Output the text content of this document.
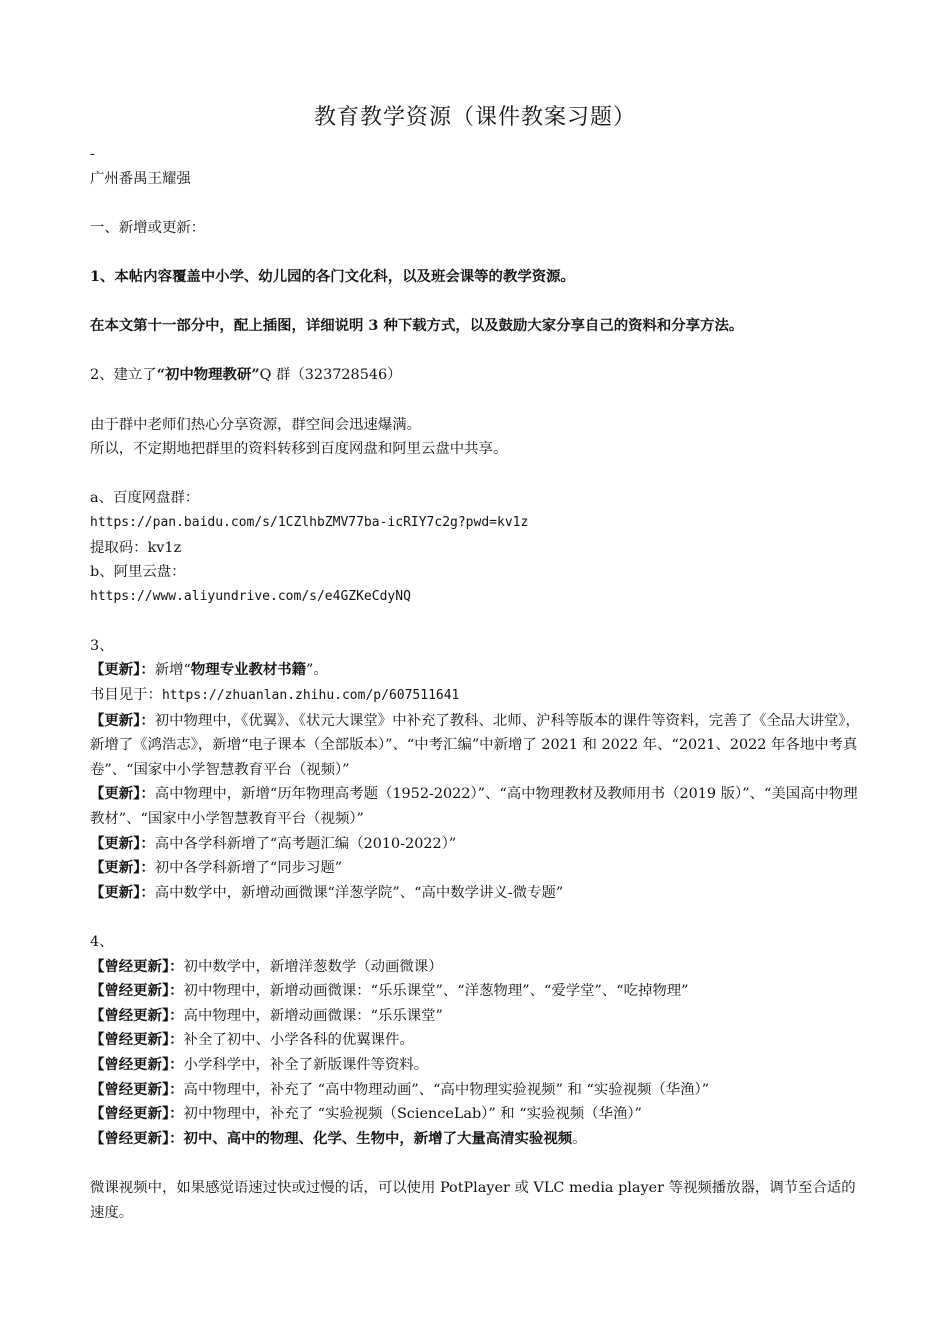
教育教学资源（课件教案习题）
-
广州番禺王耀强
一、新增或更新：
1、本帖内容覆盖中小学、幼儿园的各门文化科，以及班会课等的教学资源。
在本文第十一部分中，配上插图，详细说明 3 种下载方式，以及鼓励大家分享自己的资料和分享方法。
2、建立了“初中物理教研”Q 群（323728546）
由于群中老师们热心分享资源，群空间会迅速爆满。
所以，不定期地把群里的资料转移到百度网盘和阿里云盘中共享。
a、百度网盘群：
https://pan.baidu.com/s/1CZlhbZMV77ba-icRIY7c2g?pwd=kv1z
提取码：kv1z
b、阿里云盘：
https://www.aliyundrive.com/s/e4GZKeCdyNQ
3、
【更新】：新增“物理专业教材书籍”。
书目见于：https://zhuanlan.zhihu.com/p/607511641
【更新】：初中物理中，《优翼》、《状元大课堂》中补充了教科、北师、沪科等版本的课件等资料，完善了《全品大讲堂》，新增了《鸿浩志》，新增“电子课本（全部版本）”、“中考汇编”中新增了 2021 和 2022 年、“2021、2022 年各地中考真卷”、“国家中小学智慧教育平台（视频）”
【更新】：高中物理中，新增“历年物理高考题（1952-2022）”、“高中物理教材及教师用书（2019 版）”、“美国高中物理教材”、“国家中小学智慧教育平台（视频）”
【更新】：高中各学科新增了“高考题汇编（2010-2022）”
【更新】：初中各学科新增了“同步习题”
【更新】：高中数学中，新增动画微课“洋葱学院”、“高中数学讲义-微专题”
4、
【曾经更新】：初中数学中，新增洋葱数学（动画微课）
【曾经更新】：初中物理中，新增动画微课：“乐乐课堂”、“洋葱物理”、“爱学堂”、“吃掉物理”
【曾经更新】：高中物理中，新增动画微课：“乐乐课堂”
【曾经更新】：补全了初中、小学各科的优翼课件。
【曾经更新】：小学科学中，补全了新版课件等资料。
【曾经更新】：高中物理中，补充了 “高中物理动画”、“高中物理实验视频” 和 “实验视频（华渔）”
【曾经更新】：初中物理中，补充了 “实验视频（ScienceLab）” 和 “实验视频（华渔）”
【曾经更新】：初中、高中的物理、化学、生物中，新增了大量高清实验视频。
微课视频中，如果感觉语速过快或过慢的话，可以使用 PotPlayer 或 VLC media player 等视频播放器，调节至合适的速度。
